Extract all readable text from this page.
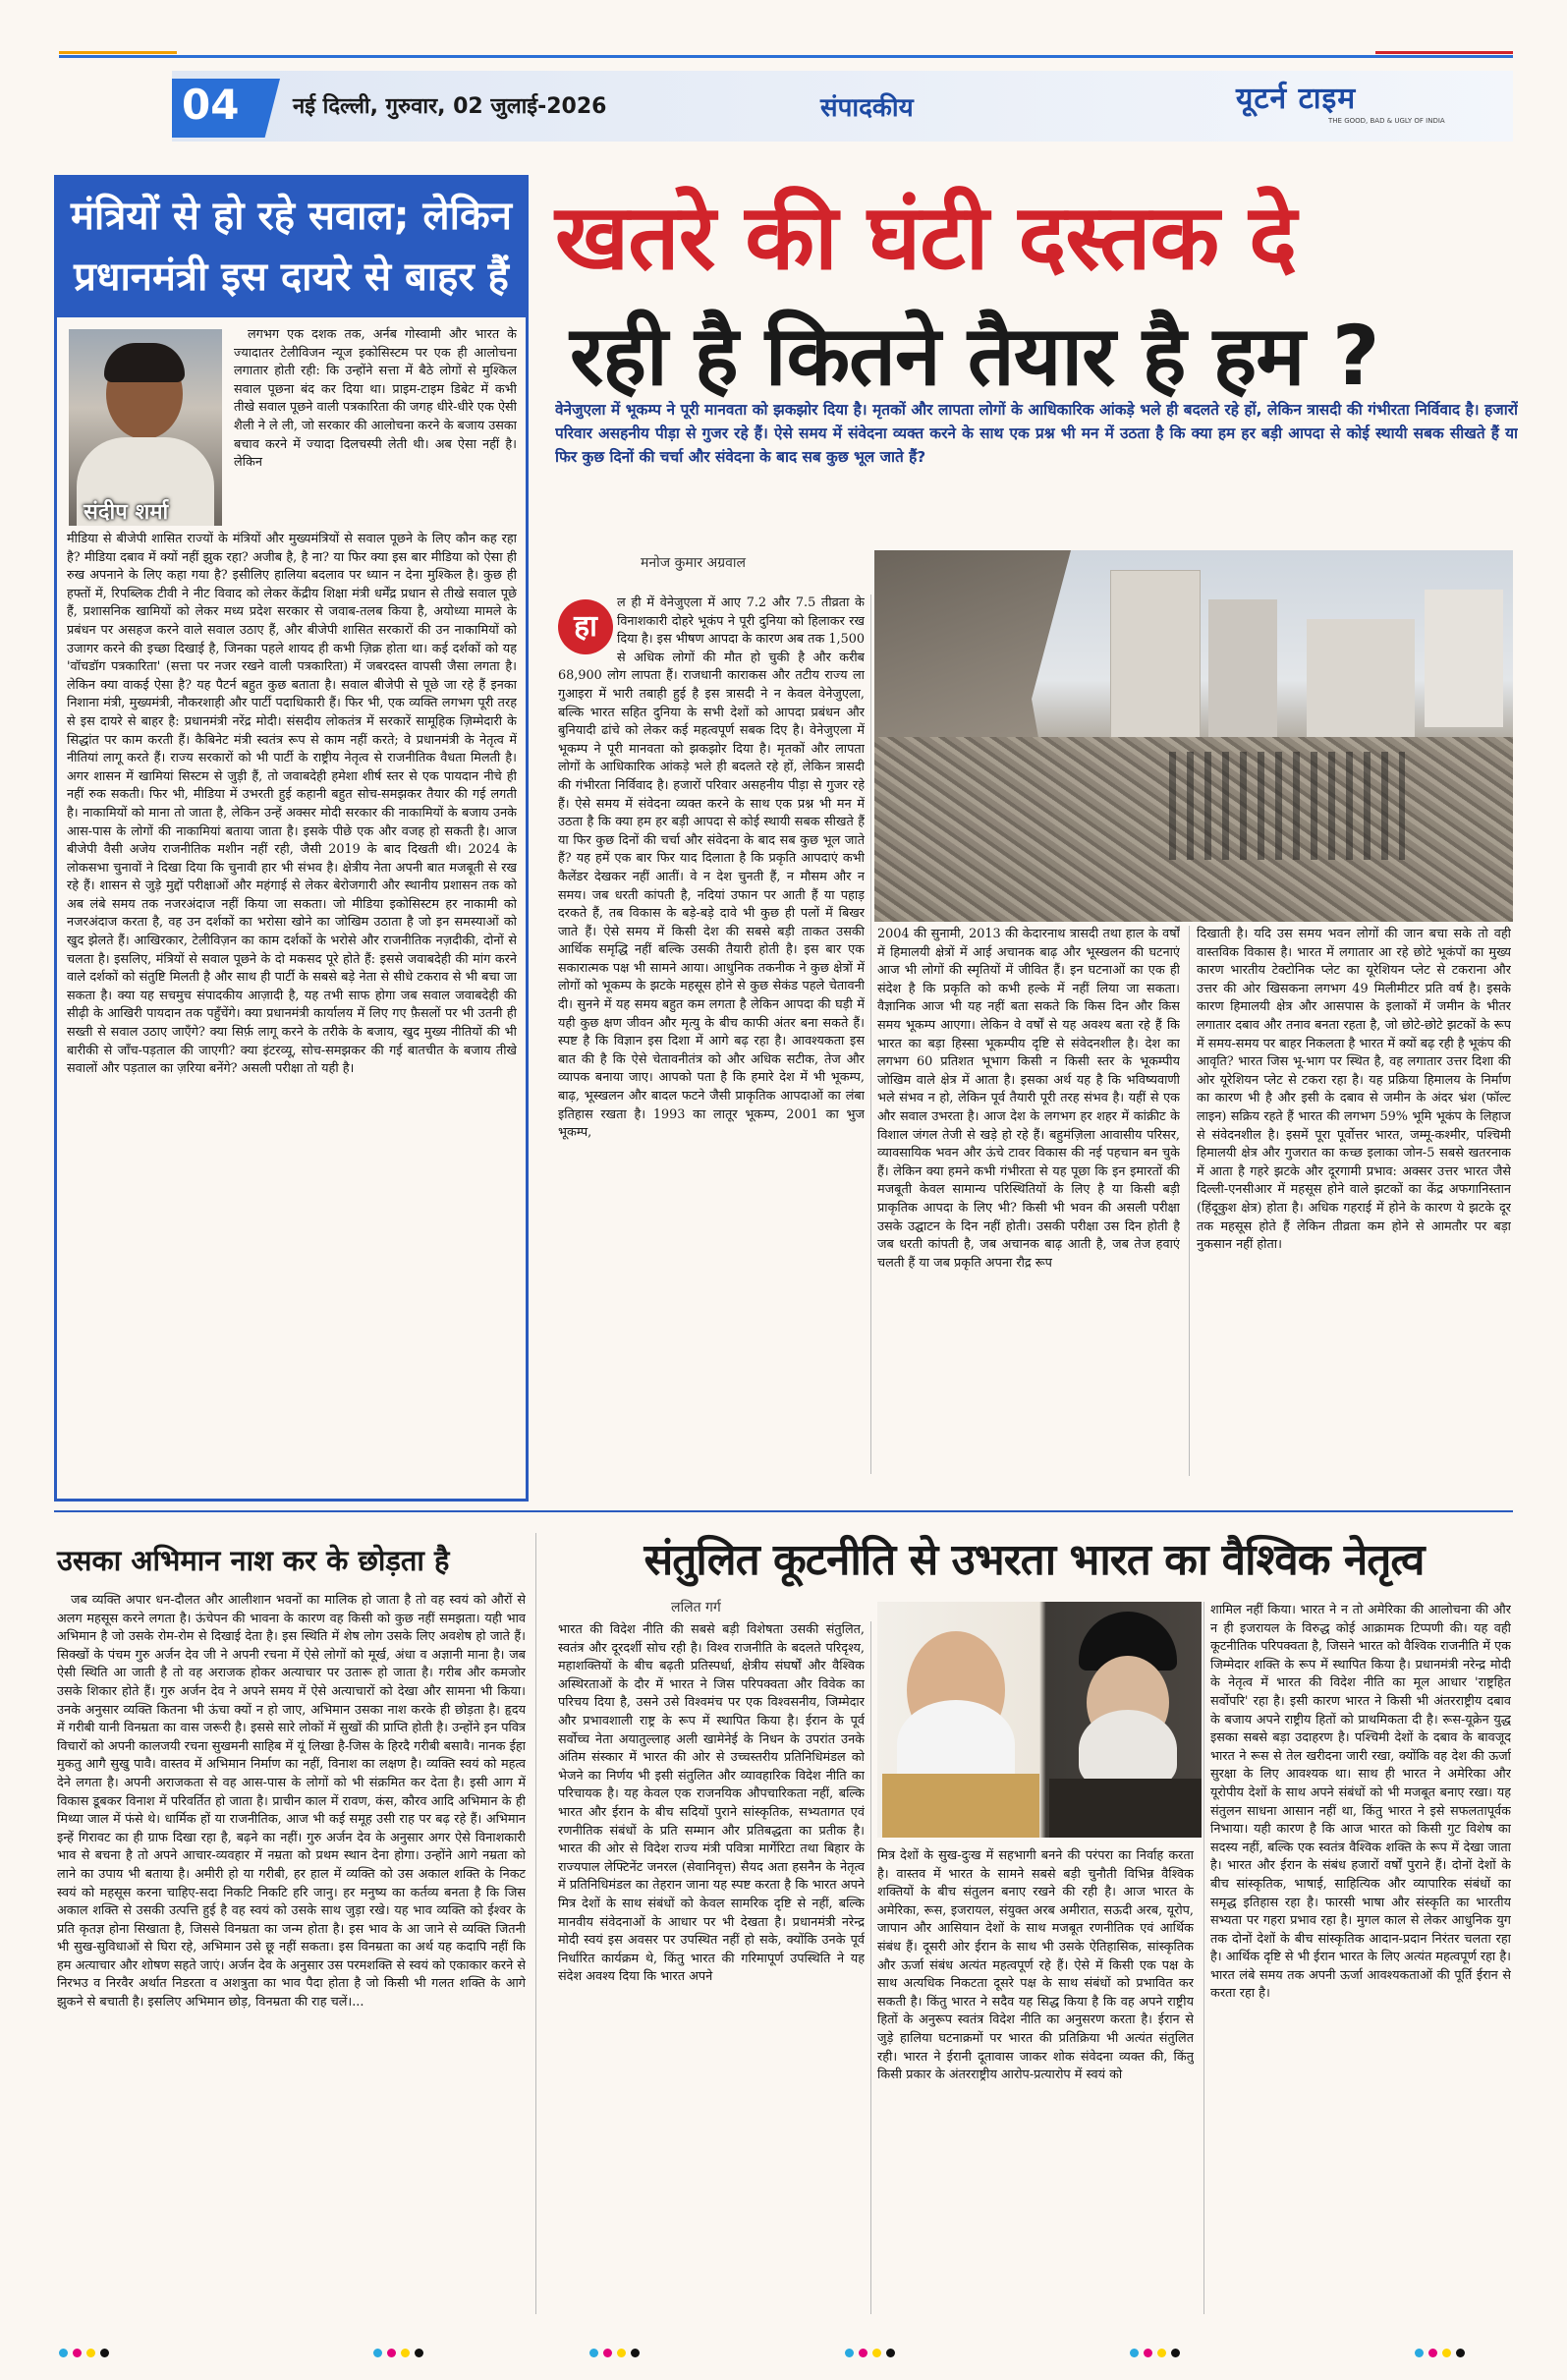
04 नई दिल्ली, गुरुवार, 02 जुलाई-2026	संपादकीय	यूटर्न टाइम
THE GOOD, BAD & UGLY OF INDIA
मंत्रियों से हो रहे सवाल; लेकिन
प्रधानमंत्री इस दायरे से बाहर हैं
संदीप शर्मा

लगभग एक दशक तक, अर्नब गोस्वामी और भारत के ज्यादातर टेलीविजन न्यूज इकोसिस्टम पर एक ही आलोचना लगातार होती रही: कि उन्होंने सत्ता में बैठे लोगों से मुश्किल सवाल पूछना बंद कर दिया था। प्राइम-टाइम डिबेट में कभी तीखे सवाल पूछने वाली पत्रकारिता की जगह धीरे-धीरे एक ऐसी शैली ने ले ली, जो सरकार की आलोचना करने के बजाय उसका बचाव करने में ज्यादा दिलचस्पी लेती थी। अब ऐसा नहीं है। लेकिन

मीडिया से बीजेपी शासित राज्यों के मंत्रियों और मुख्यमंत्रियों से सवाल पूछने के लिए कौन कह रहा है? मीडिया दबाव में क्यों नहीं झुक रहा? अजीब है, है ना? या फिर क्या इस बार मीडिया को ऐसा ही रुख अपनाने के लिए कहा गया है? इसीलिए हालिया बदलाव पर ध्यान न देना मुश्किल है। कुछ ही हफ्तों में, रिपब्लिक टीवी ने नीट विवाद को लेकर केंद्रीय शिक्षा मंत्री धर्मेंद्र प्रधान से तीखे सवाल पूछे हैं, प्रशासनिक खामियों को लेकर मध्य प्रदेश सरकार से जवाब-तलब किया है, अयोध्या मामले के प्रबंधन पर असहज करने वाले सवाल उठाए हैं, और बीजेपी शासित सरकारों की उन नाकामियों को उजागर करने की इच्छा दिखाई है, जिनका पहले शायद ही कभी ज़िक्र होता था। कई दर्शकों को यह 'वॉचडॉग पत्रकारिता' (सत्ता पर नजर रखने वाली पत्रकारिता) में जबरदस्त वापसी जैसा लगता है। लेकिन क्या वाकई ऐसा है? यह पैटर्न बहुत कुछ बताता है। सवाल बीजेपी से पूछे जा रहे हैं इनका निशाना मंत्री, मुख्यमंत्री, नौकरशाही और पार्टी पदाधिकारी हैं। फिर भी, एक व्यक्ति लगभग पूरी तरह से इस दायरे से बाहर है: प्रधानमंत्री नरेंद्र मोदी। संसदीय लोकतंत्र में सरकारें सामूहिक ज़िम्मेदारी के सिद्धांत पर काम करती हैं। कैबिनेट मंत्री स्वतंत्र रूप से काम नहीं करते; वे प्रधानमंत्री के नेतृत्व में नीतियां लागू करते हैं। राज्य सरकारों को भी पार्टी के राष्ट्रीय नेतृत्व से राजनीतिक वैधता मिलती है। अगर शासन में खामियां सिस्टम से जुड़ी हैं, तो जवाबदेही हमेशा शीर्ष स्तर से एक पायदान नीचे ही नहीं रुक सकती। फिर भी, मीडिया में उभरती हुई कहानी बहुत सोच-समझकर तैयार की गई लगती है। नाकामियों को माना तो जाता है, लेकिन उन्हें अक्सर मोदी सरकार की नाकामियों के बजाय उनके आस-पास के लोगों की नाकामियां बताया जाता है। इसके पीछे एक और वजह हो सकती है। आज बीजेपी वैसी अजेय राजनीतिक मशीन नहीं रही, जैसी 2019 के बाद दिखती थी। 2024 के लोकसभा चुनावों ने दिखा दिया कि चुनावी हार भी संभव है। क्षेत्रीय नेता अपनी बात मजबूती से रख रहे हैं। शासन से जुड़े मुद्दों परीक्षाओं और महंगाई से लेकर बेरोजगारी और स्थानीय प्रशासन तक को अब लंबे समय तक नजरअंदाज नहीं किया जा सकता। जो मीडिया इकोसिस्टम हर नाकामी को नजरअंदाज करता है, वह उन दर्शकों का भरोसा खोने का जोखिम उठाता है जो इन समस्याओं को खुद झेलते हैं। आखिरकार, टेलीविज़न का काम दर्शकों के भरोसे और राजनीतिक नज़दीकी, दोनों से चलता है। इसलिए, मंत्रियों से सवाल पूछने के दो मकसद पूरे होते हैं: इससे जवाबदेही की मांग करने वाले दर्शकों को संतुष्टि मिलती है और साथ ही पार्टी के सबसे बड़े नेता से सीधे टकराव से भी बचा जा सकता है। क्या यह सचमुच संपादकीय आज़ादी है, यह तभी साफ होगा जब सवाल जवाबदेही की सीढ़ी के आखिरी पायदान तक पहुँचेंगे। क्या प्रधानमंत्री कार्यालय में लिए गए फ़ैसलों पर भी उतनी ही सख्ती से सवाल उठाए जाएँगे? क्या सिर्फ़ लागू करने के तरीके के बजाय, खुद मुख्य नीतियों की भी बारीकी से जाँच-पड़ताल की जाएगी? क्या इंटरव्यू, सोच-समझकर की गई बातचीत के बजाय तीखे सवालों और पड़ताल का ज़रिया बनेंगे? असली परीक्षा तो यही है।

खतरे की घंटी दस्तक दे
रही है कितने तैयार है हम ?
वेनेजुएला में भूकम्प ने पूरी मानवता को झकझोर दिया है। मृतकों और लापता लोगों के आधिकारिक आंकड़े भले ही बदलते रहे हों, लेकिन त्रासदी की गंभीरता निर्विवाद है। हजारों परिवार असहनीय पीड़ा से गुजर रहे हैं। ऐसे समय में संवेदना व्यक्त करने के साथ एक प्रश्न भी मन में उठता है कि क्या हम हर बड़ी आपदा से कोई स्थायी सबक सीखते हैं या फिर कुछ दिनों की चर्चा और संवेदना के बाद सब कुछ भूल जाते हैं?
मनोज कुमार अग्रवाल
हा
ल ही में वेनेजुएला में आए 7.2 और 7.5 तीव्रता के विनाशकारी दोहरे भूकंप ने पूरी दुनिया को हिलाकर रख दिया है। इस भीषण आपदा के कारण अब तक 1,500 से अधिक लोगों की मौत हो चुकी है और करीब 68,900 लोग लापता हैं। राजधानी काराकस और तटीय राज्य ला गुआइरा में भारी तबाही हुई है इस त्रासदी ने न केवल वेनेजुएला, बल्कि भारत सहित दुनिया के सभी देशों को आपदा प्रबंधन और बुनियादी ढांचे को लेकर कई महत्वपूर्ण सबक दिए है। वेनेजुएला में भूकम्प ने पूरी मानवता को झकझोर दिया है। मृतकों और लापता लोगों के आधिकारिक आंकड़े भले ही बदलते रहे हों, लेकिन त्रासदी की गंभीरता निर्विवाद है। हजारों परिवार असहनीय पीड़ा से गुजर रहे हैं। ऐसे समय में संवेदना व्यक्त करने के साथ एक प्रश्न भी मन में उठता है कि क्या हम हर बड़ी आपदा से कोई स्थायी सबक सीखते हैं या फिर कुछ दिनों की चर्चा और संवेदना के बाद सब कुछ भूल जाते हैं? यह हमें एक बार फिर याद दिलाता है कि प्रकृति आपदाएं कभी कैलेंडर देखकर नहीं आतीं। वे न देश चुनती हैं, न मौसम और न समय। जब धरती कांपती है, नदियां उफान पर आती हैं या पहाड़ दरकते हैं, तब विकास के बड़े-बड़े दावे भी कुछ ही पलों में बिखर जाते हैं। ऐसे समय में किसी देश की सबसे बड़ी ताकत उसकी आर्थिक समृद्धि नहीं बल्कि उसकी तैयारी होती है। इस बार एक सकारात्मक पक्ष भी सामने आया। आधुनिक तकनीक ने कुछ क्षेत्रों में लोगों को भूकम्प के झटके महसूस होने से कुछ सेकंड पहले चेतावनी दी। सुनने में यह समय बहुत कम लगता है लेकिन आपदा की घड़ी में यही कुछ क्षण जीवन और मृत्यु के बीच काफी अंतर बना सकते हैं। स्पष्ट है कि विज्ञान इस दिशा में आगे बढ़ रहा है। आवश्यकता इस बात की है कि ऐसे चेतावनीतंत्र को और अधिक सटीक, तेज और व्यापक बनाया जाए। आपको पता है कि हमारे देश में भी भूकम्प, बाढ़, भूस्खलन और बादल फटने जैसी प्राकृतिक आपदाओं का लंबा इतिहास रखता है। 1993 का लातूर भूकम्प, 2001 का भुज भूकम्प,
2004 की सुनामी, 2013 की केदारनाथ त्रासदी तथा हाल के वर्षों में हिमालयी क्षेत्रों में आई अचानक बाढ़ और भूस्खलन की घटनाएं आज भी लोगों की स्मृतियों में जीवित हैं। इन घटनाओं का एक ही संदेश है कि प्रकृति को कभी हल्के में नहीं लिया जा सकता। वैज्ञानिक आज भी यह नहीं बता सकते कि किस दिन और किस समय भूकम्प आएगा। लेकिन वे वर्षों से यह अवश्य बता रहे हैं कि भारत का बड़ा हिस्सा भूकम्पीय दृष्टि से संवेदनशील है। देश का लगभग 60 प्रतिशत भूभाग किसी न किसी स्तर के भूकम्पीय जोखिम वाले क्षेत्र में आता है। इसका अर्थ यह है कि भविष्यवाणी भले संभव न हो, लेकिन पूर्व तैयारी पूरी तरह संभव है। यहीं से एक और सवाल उभरता है। आज देश के लगभग हर शहर में कांक्रीट के विशाल जंगल तेजी से खड़े हो रहे हैं। बहुमंज़िला आवासीय परिसर, व्यावसायिक भवन और ऊंचे टावर विकास की नई पहचान बन चुके हैं। लेकिन क्या हमने कभी गंभीरता से यह पूछा कि इन इमारतों की मजबूती केवल सामान्य परिस्थितियों के लिए है या किसी बड़ी प्राकृतिक आपदा के लिए भी? किसी भी भवन की असली परीक्षा उसके उद्घाटन के दिन नहीं होती। उसकी परीक्षा उस दिन होती है जब धरती कांपती है, जब अचानक बाढ़ आती है, जब तेज हवाएं चलती हैं या जब प्रकृति अपना रौद्र रूप
दिखाती है। यदि उस समय भवन लोगों की जान बचा सके तो वही वास्तविक विकास है। भारत में लगातार आ रहे छोटे भूकंपों का मुख्य कारण भारतीय टेक्टोनिक प्लेट का यूरेशियन प्लेट से टकराना और उत्तर की ओर खिसकना लगभग 49 मिलीमीटर प्रति वर्ष है। इसके कारण हिमालयी क्षेत्र और आसपास के इलाकों में जमीन के भीतर लगातार दबाव और तनाव बनता रहता है, जो छोटे-छोटे झटकों के रूप में समय-समय पर बाहर निकलता है भारत में क्यों बढ़ रही है भूकंप की आवृति? भारत जिस भू-भाग पर स्थित है, वह लगातार उत्तर दिशा की ओर यूरेशियन प्लेट से टकरा रहा है। यह प्रक्रिया हिमालय के निर्माण का कारण भी है और इसी के दबाव से जमीन के अंदर भ्रंश (फॉल्ट लाइन) सक्रिय रहते हैं भारत की लगभग 59% भूमि भूकंप के लिहाज से संवेदनशील है। इसमें पूरा पूर्वोत्तर भारत, जम्मू-कश्मीर, पश्चिमी हिमालयी क्षेत्र और गुजरात का कच्छ इलाका जोन-5 सबसे खतरनाक में आता है गहरे झटके और दूरगामी प्रभाव: अक्सर उत्तर भारत जैसे दिल्ली-एनसीआर में महसूस होने वाले झटकों का केंद्र अफगानिस्तान (हिंदूकुश क्षेत्र) होता है। अधिक गहराई में होने के कारण ये झटके दूर तक महसूस होते हैं लेकिन तीव्रता कम होने से आमतौर पर बड़ा नुकसान नहीं होता।
उसका अभिमान नाश कर के छोड़ता है

जब व्यक्ति अपार धन-दौलत और आलीशान भवनों का मालिक हो जाता है तो वह स्वयं को औरों से अलग महसूस करने लगता है। ऊंचेपन की भावना के कारण वह किसी को कुछ नहीं समझता। यही भाव अभिमान है जो उसके रोम-रोम से दिखाई देता है। इस स्थिति में शेष लोग उसके लिए अवशेष हो जाते हैं। सिक्खों के पंचम गुरु अर्जन देव जी ने अपनी रचना में ऐसे लोगों को मूर्ख, अंधा व अज्ञानी माना है। जब ऐसी स्थिति आ जाती है तो वह अराजक होकर अत्याचार पर उतारू हो जाता है। गरीब और कमजोर उसके शिकार होते हैं। गुरु अर्जन देव ने अपने समय में ऐसे अत्याचारों को देखा और सामना भी किया। उनके अनुसार व्यक्ति कितना भी ऊंचा क्यों न हो जाए, अभिमान उसका नाश करके ही छोड़ता है। हृदय में गरीबी यानी विनम्रता का वास जरूरी है। इससे सारे लोकों में सुखों की प्राप्ति होती है। उन्होंने इन पवित्र विचारों को अपनी कालजयी रचना सुखमनी साहिब में यूं लिखा है-जिस के हिरदै गरीबी बसावै। नानक ईहा मुकतु आगै सुखु पावै। वास्तव में अभिमान निर्माण का नहीं, विनाश का लक्षण है। व्यक्ति स्वयं को महत्व देने लगता है। अपनी अराजकता से वह आस-पास के लोगों को भी संक्रमित कर देता है। इसी आग में विकास डूबकर विनाश में परिवर्तित हो जाता है। प्राचीन काल में रावण, कंस, कौरव आदि अभिमान के ही मिथ्या जाल में फंसे थे। धार्मिक हों या राजनीतिक, आज भी कई समूह उसी राह पर बढ़ रहे हैं। अभिमान इन्हें गिरावट का ही ग्राफ दिखा रहा है, बढ़ने का नहीं। गुरु अर्जन देव के अनुसार अगर ऐसे विनाशकारी भाव से बचना है तो अपने आचार-व्यवहार में नम्रता को प्रथम स्थान देना होगा। उन्होंने आगे नम्रता को लाने का उपाय भी बताया है। अमीरी हो या गरीबी, हर हाल में व्यक्ति को उस अकाल शक्ति के निकट स्वयं को महसूस करना चाहिए-सदा निकटि निकटि हरि जानु। हर मनुष्य का कर्तव्य बनता है कि जिस अकाल शक्ति से उसकी उत्पत्ति हुई है वह स्वयं को उसके साथ जुड़ा रखे। यह भाव व्यक्ति को ईश्वर के प्रति कृतज्ञ होना सिखाता है, जिससे विनम्रता का जन्म होता है। इस भाव के आ जाने से व्यक्ति जितनी भी सुख-सुविधाओं से घिरा रहे, अभिमान उसे छू नहीं सकता। इस विनम्रता का अर्थ यह कदापि नहीं कि हम अत्याचार और शोषण सहते जाएं। अर्जन देव के अनुसार उस परमशक्ति से स्वयं को एकाकार करने से निरभउ व निरवैर अर्थात निडरता व अशत्रुता का भाव पैदा होता है जो किसी भी गलत शक्ति के आगे झुकने से बचाती है। इसलिए अभिमान छोड़, विनम्रता की राह चलें।...

संतुलित कूटनीति से उभरता भारत का वैश्विक नेतृत्व
ललित गर्ग
भारत की विदेश नीति की सबसे बड़ी विशेषता उसकी संतुलित, स्वतंत्र और दूरदर्शी सोच रही है। विश्व राजनीति के बदलते परिदृश्य, महाशक्तियों के बीच बढ़ती प्रतिस्पर्धा, क्षेत्रीय संघर्षों और वैश्विक अस्थिरताओं के दौर में भारत ने जिस परिपक्वता और विवेक का परिचय दिया है, उसने उसे विश्वमंच पर एक विश्वसनीय, जिम्मेदार और प्रभावशाली राष्ट्र के रूप में स्थापित किया है। ईरान के पूर्व सर्वोच्च नेता अयातुल्लाह अली खामेनेई के निधन के उपरांत उनके अंतिम संस्कार में भारत की ओर से उच्चस्तरीय प्रतिनिधिमंडल को भेजने का निर्णय भी इसी संतुलित और व्यावहारिक विदेश नीति का परिचायक है। यह केवल एक राजनयिक औपचारिकता नहीं, बल्कि भारत और ईरान के बीच सदियों पुराने सांस्कृतिक, सभ्यतागत एवं रणनीतिक संबंधों के प्रति सम्मान और प्रतिबद्धता का प्रतीक है। भारत की ओर से विदेश राज्य मंत्री पवित्रा मार्गेरिटा तथा बिहार के राज्यपाल लेफ्टिनेंट जनरल (सेवानिवृत्त) सैयद अता हसनैन के नेतृत्व में प्रतिनिधिमंडल का तेहरान जाना यह स्पष्ट करता है कि भारत अपने मित्र देशों के साथ संबंधों को केवल सामरिक दृष्टि से नहीं, बल्कि मानवीय संवेदनाओं के आधार पर भी देखता है। प्रधानमंत्री नरेन्द्र मोदी स्वयं इस अवसर पर उपस्थित नहीं हो सके, क्योंकि उनके पूर्व निर्धारित कार्यक्रम थे, किंतु भारत की गरिमापूर्ण उपस्थिति ने यह संदेश अवश्य दिया कि भारत अपने
मित्र देशों के सुख-दुःख में सहभागी बनने की परंपरा का निर्वाह करता है। वास्तव में भारत के सामने सबसे बड़ी चुनौती विभिन्न वैश्विक शक्तियों के बीच संतुलन बनाए रखने की रही है। आज भारत के अमेरिका, रूस, इजरायल, संयुक्त अरब अमीरात, सऊदी अरब, यूरोप, जापान और आसियान देशों के साथ मजबूत रणनीतिक एवं आर्थिक संबंध हैं। दूसरी ओर ईरान के साथ भी उसके ऐतिहासिक, सांस्कृतिक और ऊर्जा संबंध अत्यंत महत्वपूर्ण रहे हैं। ऐसे में किसी एक पक्ष के साथ अत्यधिक निकटता दूसरे पक्ष के साथ संबंधों को प्रभावित कर सकती है। किंतु भारत ने सदैव यह सिद्ध किया है कि वह अपने राष्ट्रीय हितों के अनुरूप स्वतंत्र विदेश नीति का अनुसरण करता है। ईरान से जुड़े हालिया घटनाक्रमों पर भारत की प्रतिक्रिया भी अत्यंत संतुलित रही। भारत ने ईरानी दूतावास जाकर शोक संवेदना व्यक्त की, किंतु किसी प्रकार के अंतरराष्ट्रीय आरोप-प्रत्यारोप में स्वयं को
शामिल नहीं किया। भारत ने न तो अमेरिका की आलोचना की और न ही इजरायल के विरुद्ध कोई आक्रामक टिप्पणी की। यह वही कूटनीतिक परिपक्वता है, जिसने भारत को वैश्विक राजनीति में एक जिम्मेदार शक्ति के रूप में स्थापित किया है। प्रधानमंत्री नरेन्द्र मोदी के नेतृत्व में भारत की विदेश नीति का मूल आधार 'राष्ट्रहित सर्वोपरि' रहा है। इसी कारण भारत ने किसी भी अंतरराष्ट्रीय दबाव के बजाय अपने राष्ट्रीय हितों को प्राथमिकता दी है। रूस-यूक्रेन युद्ध इसका सबसे बड़ा उदाहरण है। पश्चिमी देशों के दबाव के बावजूद भारत ने रूस से तेल खरीदना जारी रखा, क्योंकि वह देश की ऊर्जा सुरक्षा के लिए आवश्यक था। साथ ही भारत ने अमेरिका और यूरोपीय देशों के साथ अपने संबंधों को भी मजबूत बनाए रखा। यह संतुलन साधना आसान नहीं था, किंतु भारत ने इसे सफलतापूर्वक निभाया। यही कारण है कि आज भारत को किसी गुट विशेष का सदस्य नहीं, बल्कि एक स्वतंत्र वैश्विक शक्ति के रूप में देखा जाता है। भारत और ईरान के संबंध हजारों वर्षों पुराने हैं। दोनों देशों के बीच सांस्कृतिक, भाषाई, साहित्यिक और व्यापारिक संबंधों का समृद्ध इतिहास रहा है। फारसी भाषा और संस्कृति का भारतीय सभ्यता पर गहरा प्रभाव रहा है। मुगल काल से लेकर आधुनिक युग तक दोनों देशों के बीच सांस्कृतिक आदान-प्रदान निरंतर चलता रहा है। आर्थिक दृष्टि से भी ईरान भारत के लिए अत्यंत महत्वपूर्ण रहा है। भारत लंबे समय तक अपनी ऊर्जा आवश्यकताओं की पूर्ति ईरान से करता रहा है।
